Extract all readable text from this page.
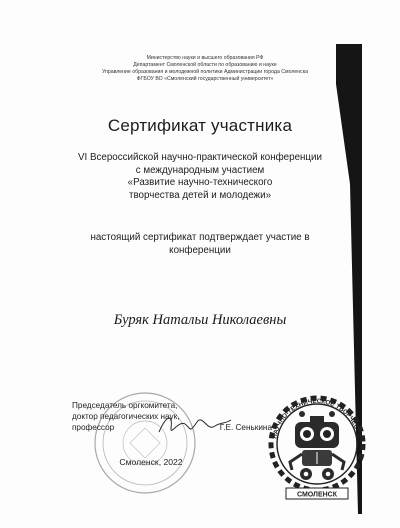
Министерство науки и высшего образования РФ
Департамент Смоленской области по образованию и науке
Управление образования и молодежной политики Администрации города Смоленска
ФГБОУ ВО «Смоленский государственный университет»
Сертификат участника
VI Всероссийской научно-практической конференции
с международным участием
«Развитие научно-технического
творчества детей и молодежи»
настоящий сертификат подтверждает участие в
конференции
Буряк Натальи Николаевны
Председатель оргкомитета,
доктор педагогических наук,
профессор	Г.Е. Сенькина
Смоленск, 2022
НАУЧНО-ТЕХНИЧЕСКОЕ ТВОРЧЕСТВО
СМОЛЕНСК
